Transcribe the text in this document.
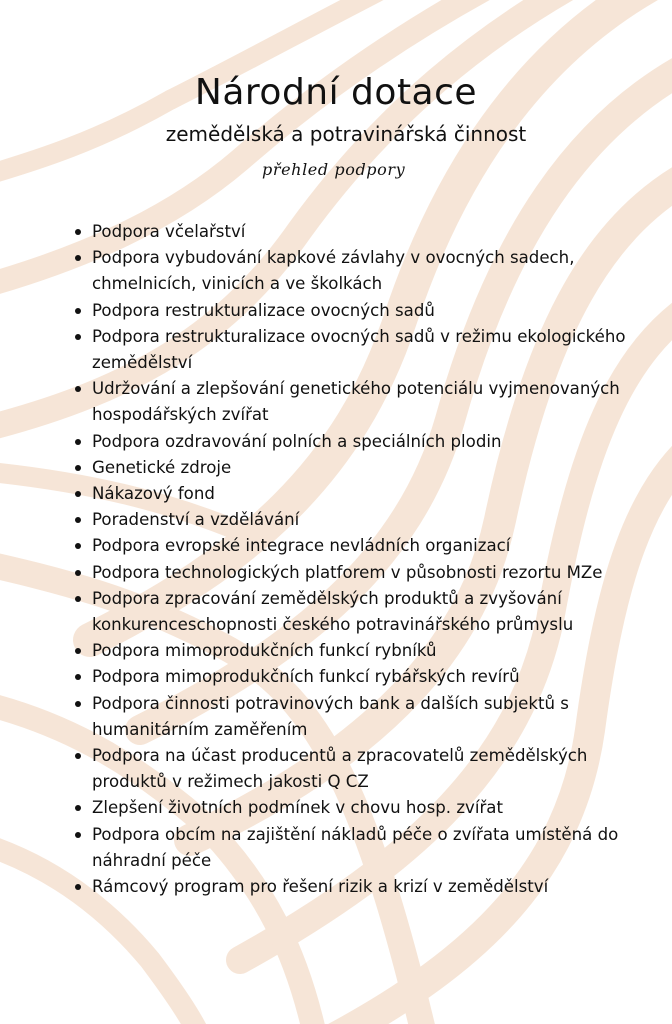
Národní dotace
zemědělská a potravinářská činnost
přehled podpory
Podpora včelařství
Podpora vybudování kapkové závlahy v ovocných sadech, chmelnicích, vinicích a ve školkách
Podpora restrukturalizace ovocných sadů
Podpora restrukturalizace ovocných sadů v režimu ekologického zemědělství
Udržování a zlepšování genetického potenciálu vyjmenovaných hospodářských zvířat
Podpora ozdravování polních a speciálních plodin
Genetické zdroje
Nákazový fond
Poradenství a vzdělávání
Podpora evropské integrace nevládních organizací
Podpora technologických platforem v působnosti rezortu MZe
Podpora zpracování zemědělských produktů a zvyšování konkurenceschopnosti českého potravinářského průmyslu
Podpora mimoprodukčních funkcí rybníků
Podpora mimoprodukčních funkcí rybářských revírů
Podpora činnosti potravinových bank a dalších subjektů s humanitárním zaměřením
Podpora na účast producentů a zpracovatelů zemědělských produktů v režimech jakosti Q CZ
Zlepšení životních podmínek v chovu hosp. zvířat
Podpora obcím na zajištění nákladů péče o zvířata umístěná do náhradní péče
Rámcový program pro řešení rizik a krizí v zemědělství
